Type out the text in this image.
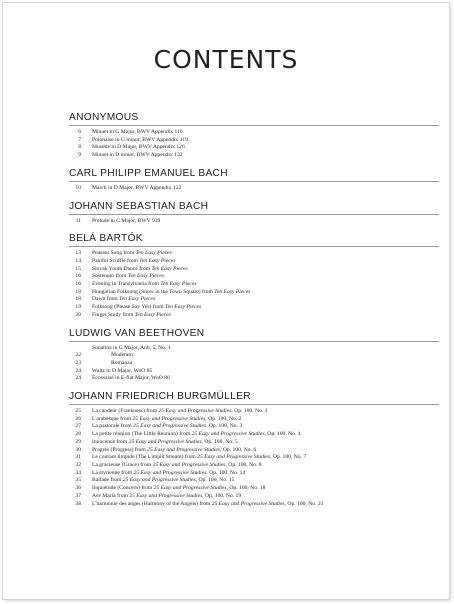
CONTENTS
ANONYMOUS
6 Minuet in G Major, BWV Appendix 116
7 Polonaise in G minor, BWV Appendix 119
8 Musette in D Major, BWV Appendix 126
9 Minuet in D minor, BWV Appendix 132
CARL PHILIPP EMANUEL BACH
10 March in D Major, BWV Appendix 122
JOHANN SEBASTIAN BACH
11 Prelude in C Major, BWV 939
BELÁ BARTÓK
13 Peasant Song from Ten Easy Pieces
14 Painful Scuffle from Ten Easy Pieces
15 Slovak Youth Dance from Ten Easy Pieces
16 Sostenuto from Ten Easy Pieces
16 Evening in Transylvania from Ten Easy Pieces
18 Hungarian Folksong (Snow in the Town Square) from Ten Easy Pieces
18 Dawn from Ten Easy Pieces
19 Folksong (Please Say Yes) from Ten Easy Pieces
20 Finger Study from Ten Easy Pieces
LUDWIG VAN BEETHOVEN
Sonatina in G Major, Anh. 5, No. 1
22	Moderato
23	Romanza
24 Waltz in D Major, WoO 85
24 Écossaise in E-flat Major, WoO 86
JOHANN FRIEDRICH BURGMÜLLER
25 La candeur (Frankness) from 25 Easy and Progressive Studies, Op. 100, No. 1
26 L'arabesque from 25 Easy and Progressive Studies, Op. 100, No. 2
27 La pastorale from 25 Easy and Progressive Studies, Op. 100, No. 3
28 La petite réunion (The Little Reunion) from 25 Easy and Progressive Studies, Op. 100, No. 4
29 Innocence from 25 Easy and Progressive Studies, Op. 100, No. 5
30 Progrès (Progress) from 25 Easy and Progressive Studies, Op. 100, No. 6
31 Le courant limpide (The Limpid Stream) from 25 Easy and Progressive Studies, Op. 100, No. 7
32 La gracieuse (Grace) from 25 Easy and Progressive Studies, Op. 100, No. 8
34 La styrienne from 25 Easy and Progressive Studies, Op. 100, No. 14
35 Ballade from 25 Easy and Progressive Studies, Op. 100, No. 15
36 Inquiétude (Concern) from 25 Easy and Progressive Studies, Op. 100, No. 18
37 Ave Maria from 25 Easy and Progressive Studies, Op. 100, No. 19
38 L'harmonie des anges (Harmony of the Angels) from 25 Easy and Progressive Studies, Op. 100, No. 21
